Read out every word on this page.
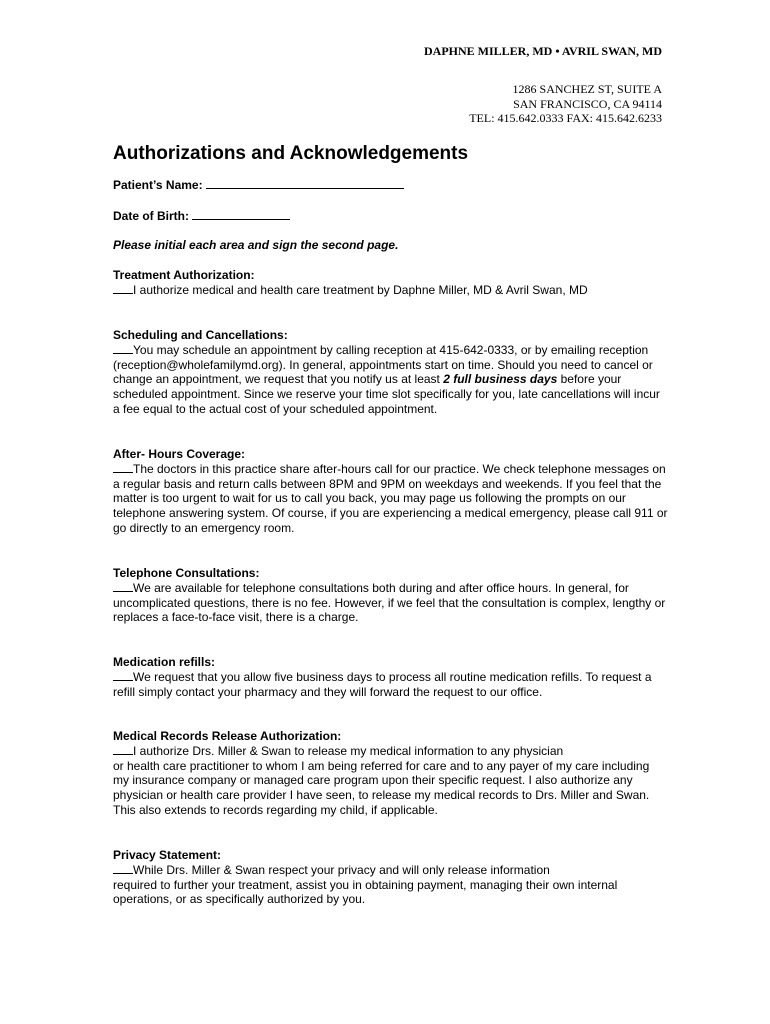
DAPHNE MILLER, MD • AVRIL SWAN, MD
1286 SANCHEZ ST, SUITE A
SAN FRANCISCO, CA 94114
TEL: 415.642.0333 FAX: 415.642.6233
Authorizations and Acknowledgements
Patient’s Name:
Date of Birth:
Please initial each area and sign the second page.
Treatment Authorization:

I authorize medical and health care treatment by Daphne Miller, MD & Avril Swan, MD

Scheduling and Cancellations:

You may schedule an appointment by calling reception at 415-642-0333, or by emailing reception (reception@wholefamilymd.org). In general, appointments start on time. Should you need to cancel or change an appointment, we request that you notify us at least 2 full business days before your scheduled appointment. Since we reserve your time slot specifically for you, late cancellations will incur a fee equal to the actual cost of your scheduled appointment.

After- Hours Coverage:

The doctors in this practice share after-hours call for our practice. We check telephone messages on a regular basis and return calls between 8PM and 9PM on weekdays and weekends. If you feel that the matter is too urgent to wait for us to call you back, you may page us following the prompts on our telephone answering system. Of course, if you are experiencing a medical emergency, please call 911 or go directly to an emergency room.

Telephone Consultations:

We are available for telephone consultations both during and after office hours. In general, for uncomplicated questions, there is no fee. However, if we feel that the consultation is complex, lengthy or replaces a face-to-face visit, there is a charge.

Medication refills:

We request that you allow five business days to process all routine medication refills. To request a refill simply contact your pharmacy and they will forward the request to our office.

Medical Records Release Authorization:

I authorize Drs. Miller & Swan to release my medical information to any physician
or health care practitioner to whom I am being referred for care and to any payer of my care including my insurance company or managed care program upon their specific request. I also authorize any physician or health care provider I have seen, to release my medical records to Drs. Miller and Swan. This also extends to records regarding my child, if applicable.

Privacy Statement:

While Drs. Miller & Swan respect your privacy and will only release information
required to further your treatment, assist you in obtaining payment, managing their own internal operations, or as specifically authorized by you.
